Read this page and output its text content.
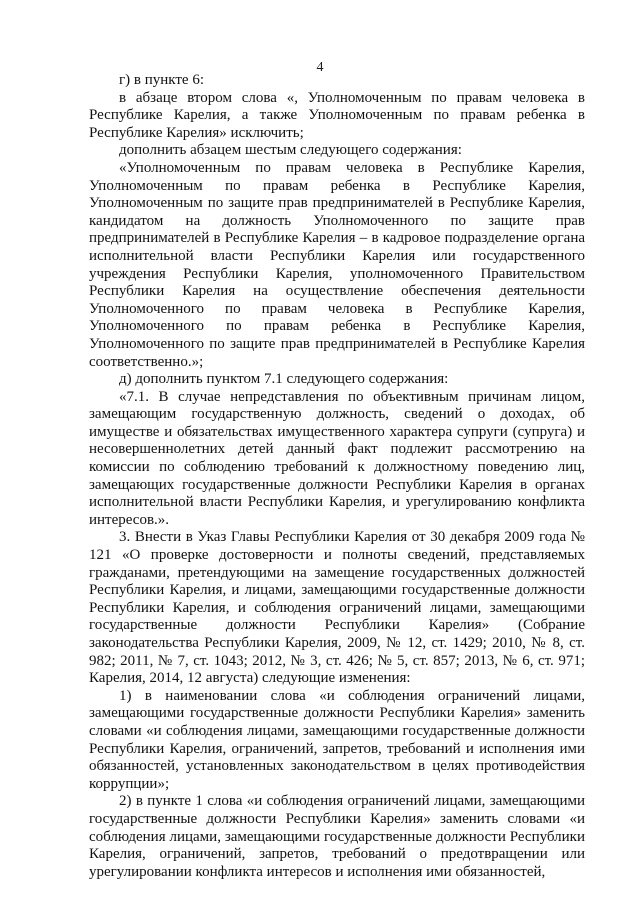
4

г) в пункте 6:

в абзаце втором слова «, Уполномоченным по правам человека в Республике Карелия, а также Уполномоченным по правам ребенка в Республике Карелия» исключить;

дополнить абзацем шестым следующего содержания:

«Уполномоченным по правам человека в Республике Карелия, Уполномоченным по правам ребенка в Республике Карелия, Уполномоченным по защите прав предпринимателей в Республике Карелия, кандидатом на должность Уполномоченного по защите прав предпринимателей в Республике Карелия – в кадровое подразделение органа исполнительной власти Республики Карелия или государственного учреждения Республики Карелия, уполномоченного Правительством Республики Карелия на осуществление обеспечения деятельности Уполномоченного по правам человека в Республике Карелия, Уполномоченного по правам ребенка в Республике Карелия, Уполномоченного по защите прав предпринимателей в Республике Карелия соответственно.»;

д) дополнить пунктом 7.1 следующего содержания:

«7.1. В случае непредставления по объективным причинам лицом, замещающим государственную должность, сведений о доходах, об имуществе и обязательствах имущественного характера супруги (супруга) и несовершеннолетних детей данный факт подлежит рассмотрению на комиссии по соблюдению требований к должностному поведению лиц, замещающих государственные должности Республики Карелия в органах исполнительной власти Республики Карелия, и урегулированию конфликта интересов.».

3. Внести в Указ Главы Республики Карелия от 30 декабря 2009 года № 121 «О проверке достоверности и полноты сведений, представляемых гражданами, претендующими на замещение государственных должностей Республики Карелия, и лицами, замещающими государственные должности Республики Карелия, и соблюдения ограничений лицами, замещающими государственные должности Республики Карелия» (Собрание законодательства Республики Карелия, 2009, № 12, ст. 1429; 2010, № 8, ст. 982; 2011, № 7, ст. 1043; 2012, № 3, ст. 426; № 5, ст. 857; 2013, № 6, ст. 971; Карелия, 2014, 12 августа) следующие изменения:

1) в наименовании слова «и соблюдения ограничений лицами, замещающими государственные должности Республики Карелия» заменить словами «и соблюдения лицами, замещающими государственные должности Республики Карелия, ограничений, запретов, требований и исполнения ими обязанностей, установленных законодательством в целях противодействия коррупции»;

2) в пункте 1 слова «и соблюдения ограничений лицами, замещающими государственные должности Республики Карелия» заменить словами «и соблюдения лицами, замещающими государственные должности Республики Карелия, ограничений, запретов, требований о предотвращении или урегулировании конфликта интересов и исполнения ими обязанностей,
